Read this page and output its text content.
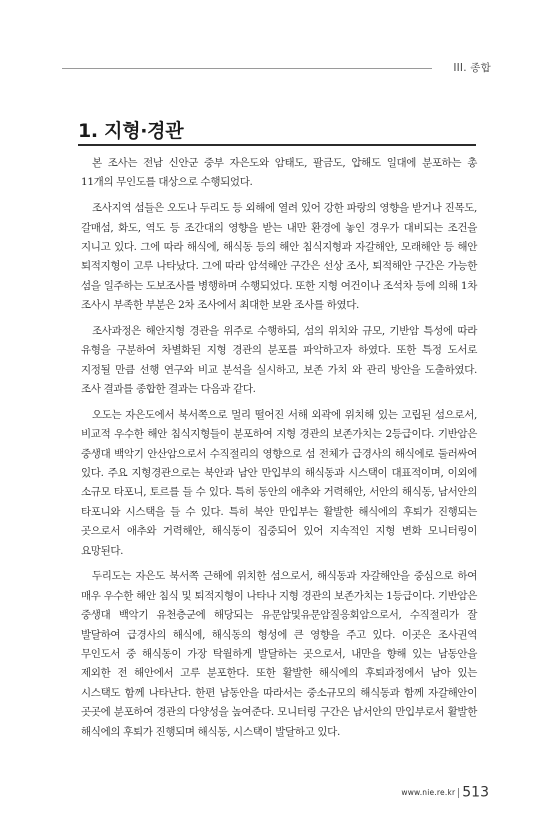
III. 종합
1. 지형·경관

본 조사는 전남 신안군 중부 자은도와 암태도, 팔금도, 압해도 일대에 분포하는 총 11개의 무인도를 대상으로 수행되었다.

조사지역 섬들은 오도나 두리도 등 외해에 열려 있어 강한 파랑의 영향을 받거나 진목도, 갈매섬, 화도, 역도 등 조간대의 영향을 받는 내만 환경에 놓인 경우가 대비되는 조건을 지니고 있다. 그에 따라 해식에, 해식동 등의 해안 침식지형과 자갈해안, 모래해안 등 해안 퇴적지형이 고루 나타났다. 그에 따라 암석해안 구간은 선상 조사, 퇴적해안 구간은 가능한 섬을 일주하는 도보조사를 병행하며 수행되었다. 또한 지형 여건이나 조석차 등에 의해 1차 조사시 부족한 부분은 2차 조사에서 최대한 보완 조사를 하였다.

조사과정은 해안지형 경관을 위주로 수행하되, 섬의 위치와 규모, 기반암 특성에 따라 유형을 구분하여 차별화된 지형 경관의 분포를 파악하고자 하였다. 또한 특정 도서로 지정될 만큼 선행 연구와 비교 분석을 실시하고, 보존 가치 와 관리 방안을 도출하였다. 조사 결과를 종합한 결과는 다음과 같다.

오도는 자은도에서 북서쪽으로 멀리 떨어진 서해 외곽에 위치해 있는 고립된 섬으로서, 비교적 우수한 해안 침식지형들이 분포하여 지형 경관의 보존가치는 2등급이다. 기반암은 중생대 백악기 안산암으로서 수직절리의 영향으로 섬 전체가 급경사의 해식에로 둘러싸여 있다. 주요 지형경관으로는 북안과 남안 만입부의 해식동과 시스택이 대표적이며, 이외에 소규모 타포니, 토르를 들 수 있다. 특히 동안의 애추와 거력해안, 서안의 해식동, 남서안의 타포니와 시스택을 들 수 있다. 특히 북안 만입부는 활발한 해식에의 후퇴가 진행되는 곳으로서 애추와 거력해안, 해식동이 집중되어 있어 지속적인 지형 변화 모니터링이 요망된다.

두리도는 자은도 북서쪽 근해에 위치한 섬으로서, 해식동과 자갈해안을 중심으로 하여 매우 우수한 해안 침식 및 퇴적지형이 나타나 지형 경관의 보존가치는 1등급이다. 기반암은 중생대 백악기 유천층군에 해당되는 유문암및유문암질응회암으로서, 수직절리가 잘 발달하여 급경사의 해식에, 해식동의 형성에 큰 영향을 주고 있다. 이곳은 조사권역 무인도서 중 해식동이 가장 탁월하게 발달하는 곳으로서, 내만을 향해 있는 남동안을 제외한 전 해안에서 고루 분포한다. 또한 활발한 해식에의 후퇴과정에서 남아 있는 시스택도 함께 나타난다. 한편 남동안을 따라서는 중소규모의 해식동과 함께 자갈해안이 곳곳에 분포하여 경관의 다양성을 높여준다. 모니터링 구간은 남서안의 만입부로서 활발한 해식에의 후퇴가 진행되며 해식동, 시스택이 발달하고 있다.

www.nie.re.kr 513
